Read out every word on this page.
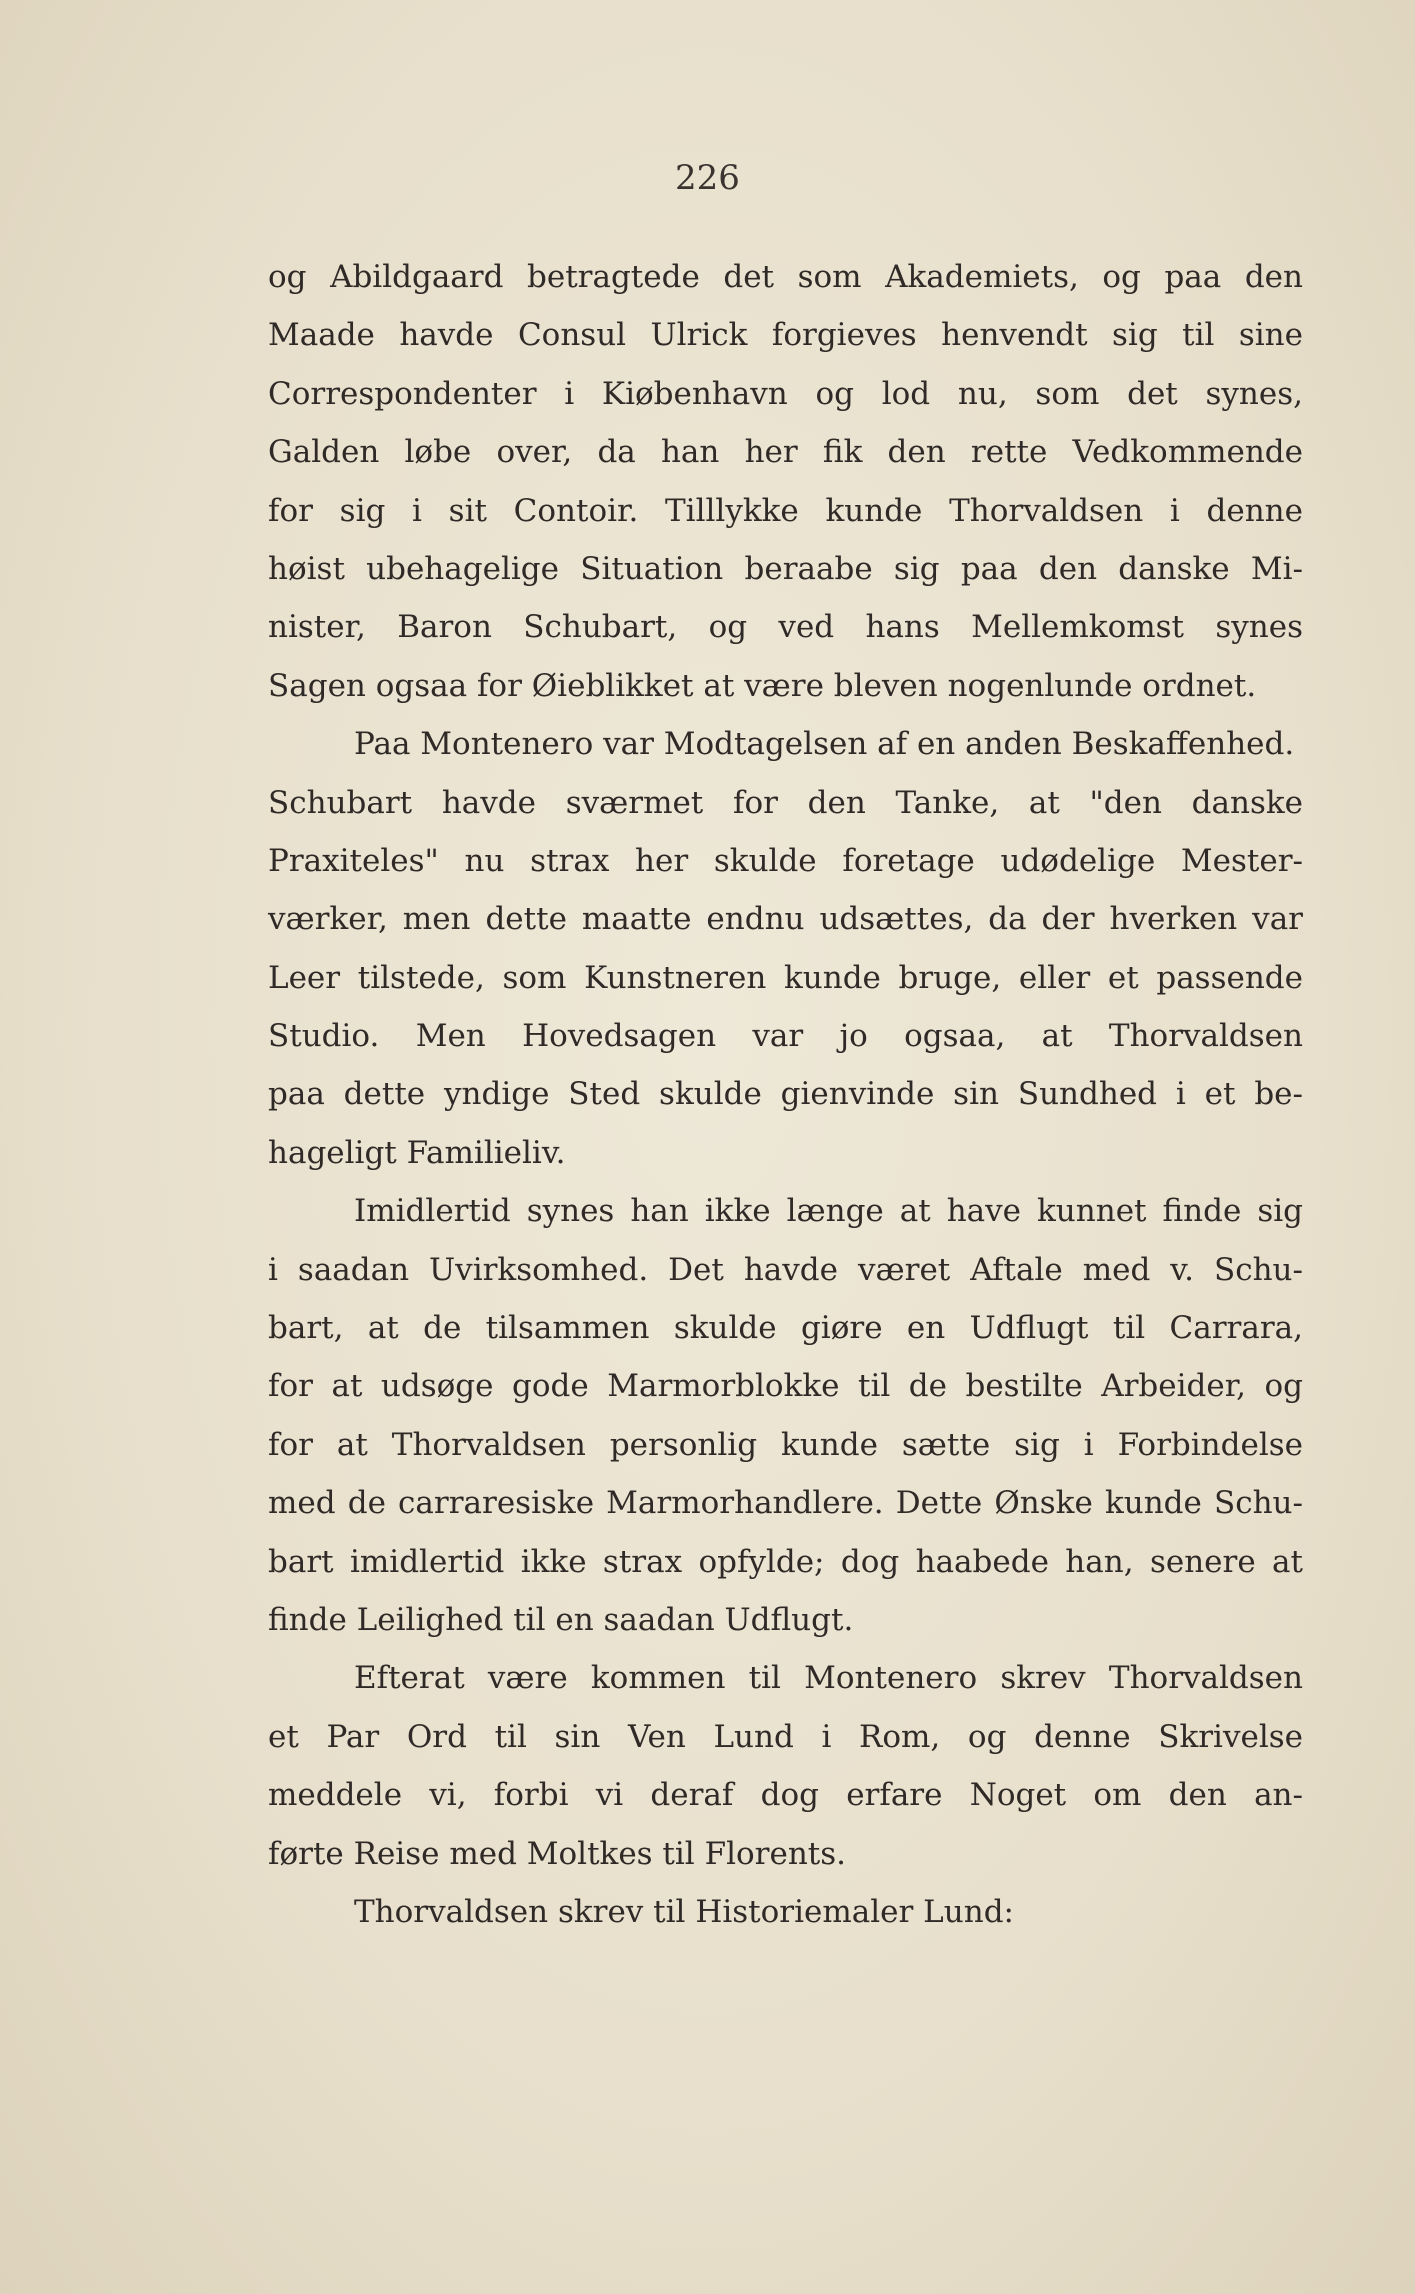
226
og Abildgaard betragtede det som Akademiets, og paa den
Maade havde Consul Ulrick forgieves henvendt sig til sine
Correspondenter i Kiøbenhavn og lod nu, som det synes,
Galden løbe over, da han her fik den rette Vedkommende
for sig i sit Contoir. Tilllykke kunde Thorvaldsen i denne
høist ubehagelige Situation beraabe sig paa den danske Mi-
nister, Baron Schubart, og ved hans Mellemkomst synes
Sagen ogsaa for Øieblikket at være bleven nogenlunde ordnet.
Paa Montenero var Modtagelsen af en anden Beskaffenhed.
Schubart havde sværmet for den Tanke, at "den danske
Praxiteles" nu strax her skulde foretage udødelige Mester-
værker, men dette maatte endnu udsættes, da der hverken var
Leer tilstede, som Kunstneren kunde bruge, eller et passende
Studio. Men Hovedsagen var jo ogsaa, at Thorvaldsen
paa dette yndige Sted skulde gienvinde sin Sundhed i et be-
hageligt Familieliv.
Imidlertid synes han ikke længe at have kunnet finde sig
i saadan Uvirksomhed. Det havde været Aftale med v. Schu-
bart, at de tilsammen skulde giøre en Udflugt til Carrara,
for at udsøge gode Marmorblokke til de bestilte Arbeider, og
for at Thorvaldsen personlig kunde sætte sig i Forbindelse
med de carraresiske Marmorhandlere. Dette Ønske kunde Schu-
bart imidlertid ikke strax opfylde; dog haabede han, senere at
finde Leilighed til en saadan Udflugt.
Efterat være kommen til Montenero skrev Thorvaldsen
et Par Ord til sin Ven Lund i Rom, og denne Skrivelse
meddele vi, forbi vi deraf dog erfare Noget om den an-
førte Reise med Moltkes til Florents.
Thorvaldsen skrev til Historiemaler Lund:
